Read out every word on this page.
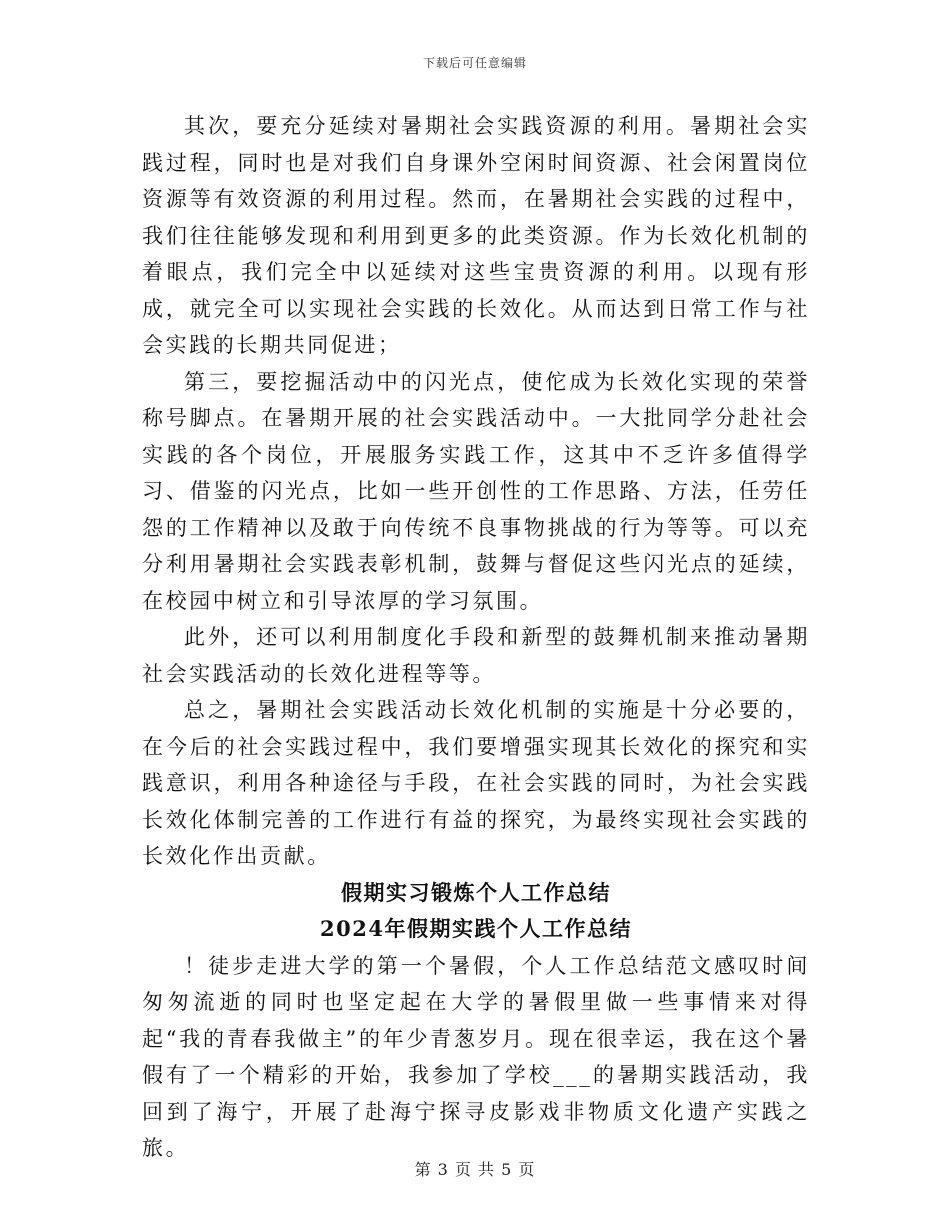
下载后可任意编辑

其次，要充分延续对暑期社会实践资源的利用。暑期社会实践过程，同时也是对我们自身课外空闲时间资源、社会闲置岗位资源等有效资源的利用过程。然而，在暑期社会实践的过程中，我们往往能够发现和利用到更多的此类资源。作为长效化机制的着眼点，我们完全中以延续对这些宝贵资源的利用。以现有形成，就完全可以实现社会实践的长效化。从而达到日常工作与社会实践的长期共同促进；

第三，要挖掘活动中的闪光点，使佗成为长效化实现的荣誉称号脚点。在暑期开展的社会实践活动中。一大批同学分赴社会实践的各个岗位，开展服务实践工作，这其中不乏许多值得学习、借鉴的闪光点，比如一些开创性的工作思路、方法，任劳任怨的工作精神以及敢于向传统不良事物挑战的行为等等。可以充分利用暑期社会实践表彰机制，鼓舞与督促这些闪光点的延续，在校园中树立和引导浓厚的学习氛围。

此外，还可以利用制度化手段和新型的鼓舞机制来推动暑期社会实践活动的长效化进程等等。

总之，暑期社会实践活动长效化机制的实施是十分必要的，在今后的社会实践过程中，我们要增强实现其长效化的探究和实践意识，利用各种途径与手段，在社会实践的同时，为社会实践长效化体制完善的工作进行有益的探究，为最终实现社会实践的长效化作出贡献。

假期实习锻炼个人工作总结

2024年假期实践个人工作总结

！徒步走进大学的第一个暑假，个人工作总结范文感叹时间匆匆流逝的同时也坚定起在大学的暑假里做一些事情来对得起“我的青春我做主”的年少青葱岁月。现在很幸运，我在这个暑假有了一个精彩的开始，我参加了学校___的暑期实践活动，我回到了海宁，开展了赴海宁探寻皮影戏非物质文化遗产实践之旅。

第 3 页 共 5 页
